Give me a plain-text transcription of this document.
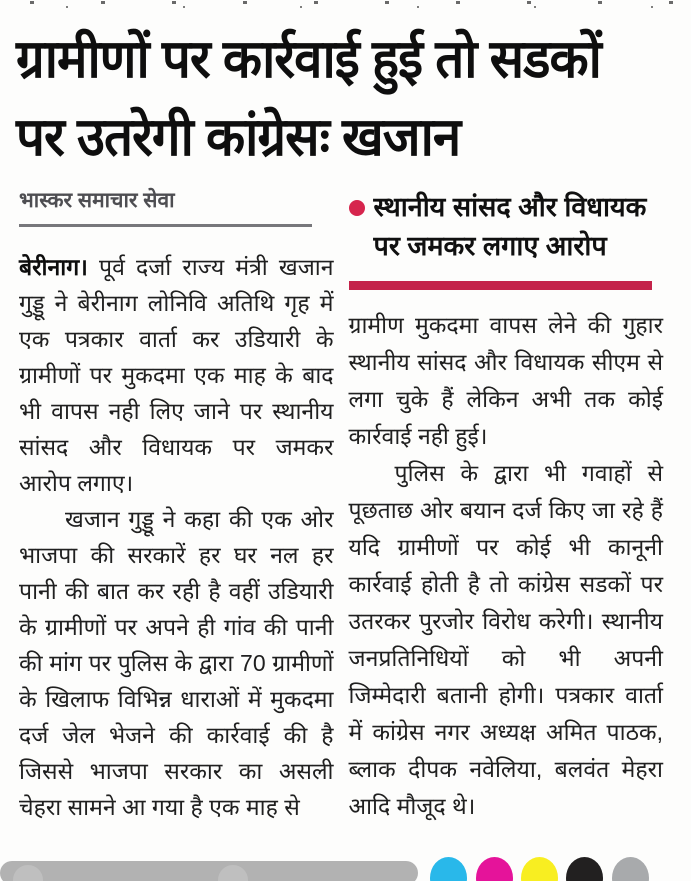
ग्रामीणों पर कार्रवाई हुई तो सडकों
पर उतरेगी कांग्रेसः खजान
भास्कर समाचार सेवा

बेरीनाग। पूर्व दर्जा राज्य मंत्री खजान गुड्डू ने बेरीनाग लोनिवि अतिथि गृह में एक पत्रकार वार्ता कर उडियारी के ग्रामीणों पर मुकदमा एक माह के बाद भी वापस नही लिए जाने पर स्थानीय सांसद और विधायक पर जमकर आरोप लगाए।

खजान गुड्डू ने कहा की एक ओर भाजपा की सरकारें हर घर नल हर पानी की बात कर रही है वहीं उडियारी के ग्रामीणों पर अपने ही गांव की पानी की मांग पर पुलिस के द्वारा 70 ग्रामीणों के खिलाफ विभिन्न धाराओं में मुकदमा दर्ज जेल भेजने की कार्रवाई की है जिससे भाजपा सरकार का असली चेहरा सामने आ गया है एक माह से

स्थानीय सांसद और विधायक पर जमकर लगाए आरोप

ग्रामीण मुकदमा वापस लेने की गुहार स्थानीय सांसद और विधायक सीएम से लगा चुके हैं लेकिन अभी तक कोई कार्रवाई नही हुई।

पुलिस के द्वारा भी गवाहों से पूछताछ ओर बयान दर्ज किए जा रहे हैं यदि ग्रामीणों पर कोई भी कानूनी कार्रवाई होती है तो कांग्रेस सडकों पर उतरकर पुरजोर विरोध करेगी। स्थानीय जनप्रतिनिधियों को भी अपनी जिम्मेदारी बतानी होगी। पत्रकार वार्ता में कांग्रेस नगर अध्यक्ष अमित पाठक, ब्लाक दीपक नवेलिया, बलवंत मेहरा आदि मौजूद थे।
